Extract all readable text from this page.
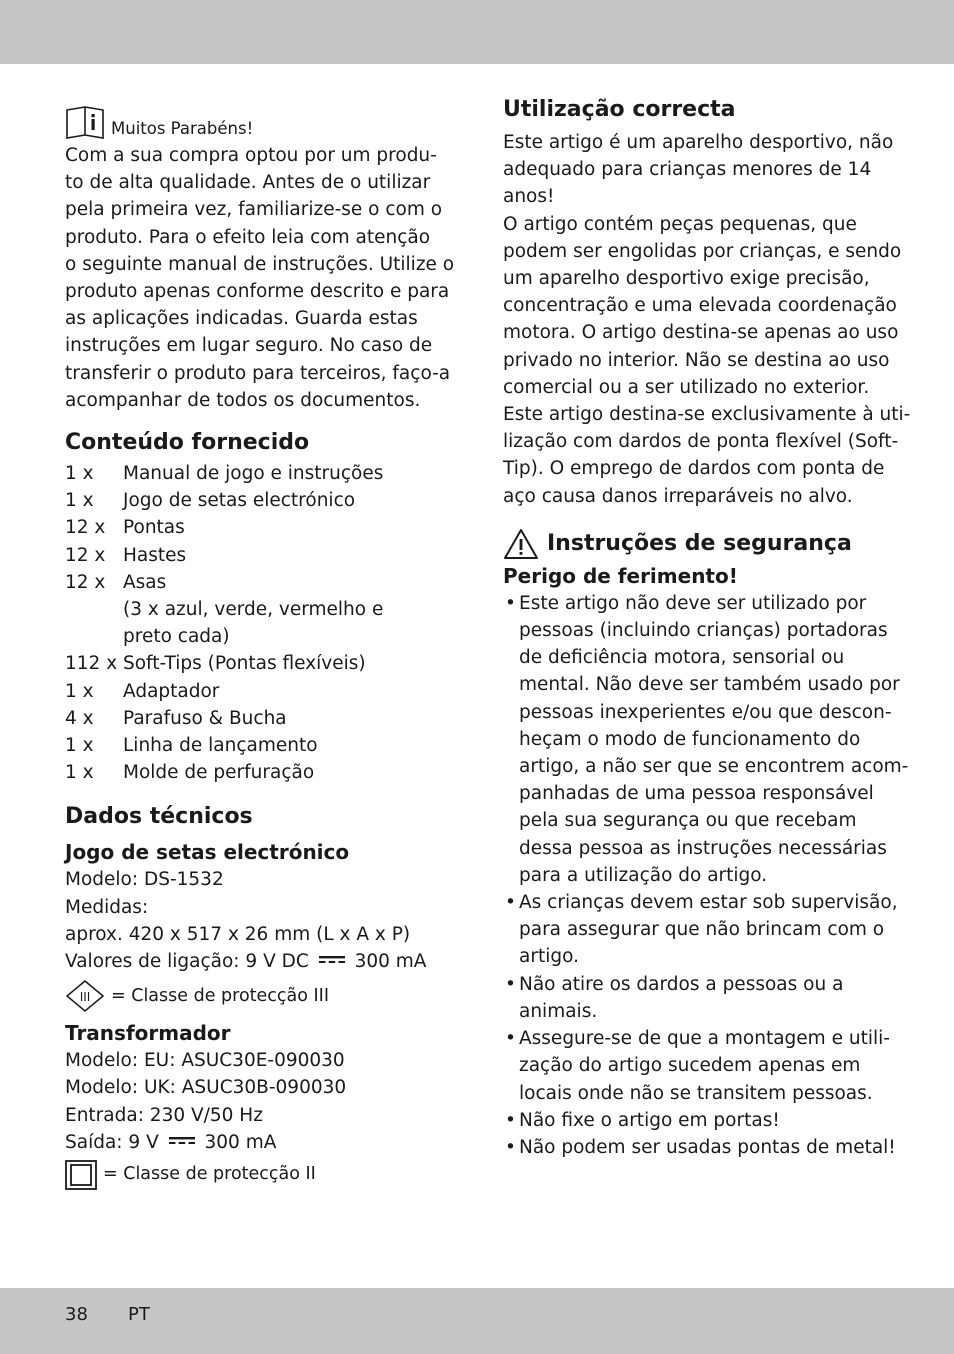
Muitos Parabéns!

Com a sua compra optou por um produ-

to de alta qualidade. Antes de o utilizar

pela primeira vez, familiarize-se o com o

produto. Para o efeito leia com atenção

o seguinte manual de instruções. Utilize o

produto apenas conforme descrito e para

as aplicações indicadas. Guarda estas

instruções em lugar seguro. No caso de

transferir o produto para terceiros, faço-a

acompanhar de todos os documentos.

Conteúdo fornecido
1 x	Manual de jogo e instruções
1 x	Jogo de setas electrónico
12 x Pontas
12 x Hastes
12 x Asas
(3 x azul, verde, vermelho e
preto cada)
112 x Soft-Tips (Pontas flexíveis)
1 x	Adaptador
4 x	Parafuso & Bucha
1 x	Linha de lançamento
1 x	Molde de perfuração
Dados técnicos
Jogo de setas electrónico

Modelo: DS-1532

Medidas:

aprox. 420 x 517 x 26 mm (L x A x P)

Valores de ligação: 9 V DC 300 mA

III = Classe de protecção III
Transformador

Modelo: EU: ASUC30E-090030

Modelo: UK: ASUC30B-090030

Entrada: 230 V/50 Hz

Saída: 9 V 300 mA

= Classe de protecção II
Utilização correcta

Este artigo é um aparelho desportivo, não

adequado para crianças menores de 14

anos!

O artigo contém peças pequenas, que

podem ser engolidas por crianças, e sendo

um aparelho desportivo exige precisão,

concentração e uma elevada coordenação

motora. O artigo destina-se apenas ao uso

privado no interior. Não se destina ao uso

comercial ou a ser utilizado no exterior.

Este artigo destina-se exclusivamente à uti-

lização com dardos de ponta flexível (Soft-

Tip). O emprego de dardos com ponta de

aço causa danos irreparáveis no alvo.

Instruções de segurança
Perigo de ferimento!
• Este artigo não deve ser utilizado por
pessoas (incluindo crianças) portadoras
de deficiência motora, sensorial ou
mental. Não deve ser também usado por
pessoas inexperientes e/ou que descon-
heçam o modo de funcionamento do
artigo, a não ser que se encontrem acom-
panhadas de uma pessoa responsável
pela sua segurança ou que recebam
dessa pessoa as instruções necessárias
para a utilização do artigo.
• As crianças devem estar sob supervisão,
para assegurar que não brincam com o
artigo.
• Não atire os dardos a pessoas ou a
animais.
• Assegure-se de que a montagem e utili-
zação do artigo sucedem apenas em
locais onde não se transitem pessoas.
• Não fixe o artigo em portas!
• Não podem ser usadas pontas de metal!
38 PT
